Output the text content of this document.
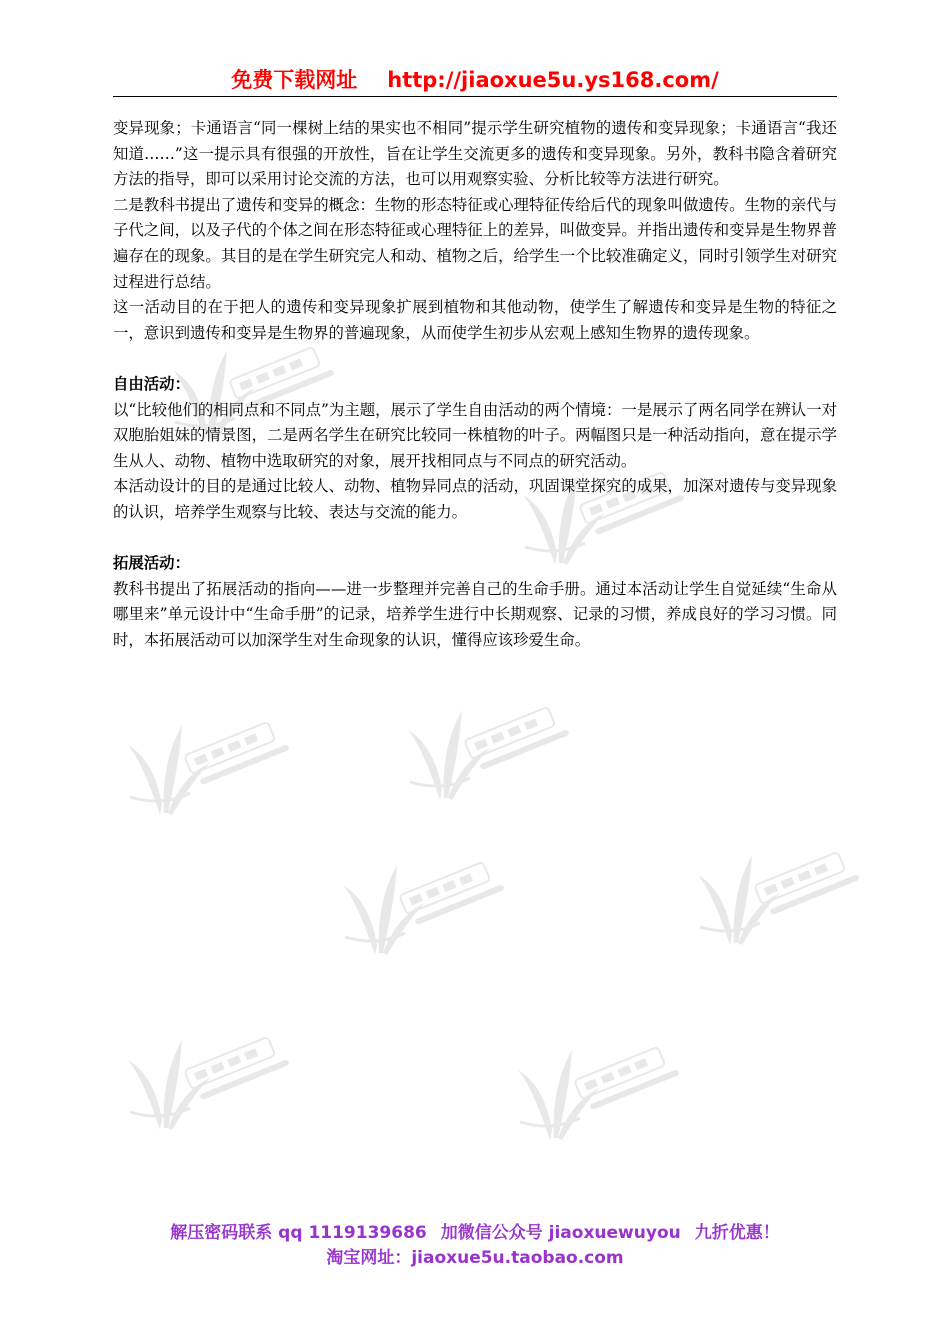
免费下载网址 http://jiaoxue5u.ys168.com/

变异现象；卡通语言“同一棵树上结的果实也不相同”提示学生研究植物的遗传和变异现象；卡通语言“我还知道……”这一提示具有很强的开放性，旨在让学生交流更多的遗传和变异现象。另外，教科书隐含着研究方法的指导，即可以采用讨论交流的方法，也可以用观察实验、分析比较等方法进行研究。

二是教科书提出了遗传和变异的概念：生物的形态特征或心理特征传给后代的现象叫做遗传。生物的亲代与子代之间，以及子代的个体之间在形态特征或心理特征上的差异，叫做变异。并指出遗传和变异是生物界普遍存在的现象。其目的是在学生研究完人和动、植物之后，给学生一个比较准确定义，同时引领学生对研究过程进行总结。

这一活动目的在于把人的遗传和变异现象扩展到植物和其他动物，使学生了解遗传和变异是生物的特征之一，意识到遗传和变异是生物界的普遍现象，从而使学生初步从宏观上感知生物界的遗传现象。

自由活动：

以“比较他们的相同点和不同点”为主题，展示了学生自由活动的两个情境：一是展示了两名同学在辨认一对双胞胎姐妹的情景图，二是两名学生在研究比较同一株植物的叶子。两幅图只是一种活动指向，意在提示学生从人、动物、植物中选取研究的对象，展开找相同点与不同点的研究活动。

本活动设计的目的是通过比较人、动物、植物异同点的活动，巩固课堂探究的成果，加深对遗传与变异现象的认识，培养学生观察与比较、表达与交流的能力。

拓展活动：

教科书提出了拓展活动的指向——进一步整理并完善自己的生命手册。通过本活动让学生自觉延续“生命从哪里来”单元设计中“生命手册”的记录，培养学生进行中长期观察、记录的习惯，养成良好的学习习惯。同时，本拓展活动可以加深学生对生命现象的认识，懂得应该珍爱生命。

解压密码联系 qq 1119139686 加微信公众号 jiaoxuewuyou 九折优惠！
淘宝网址：jiaoxue5u.taobao.com
